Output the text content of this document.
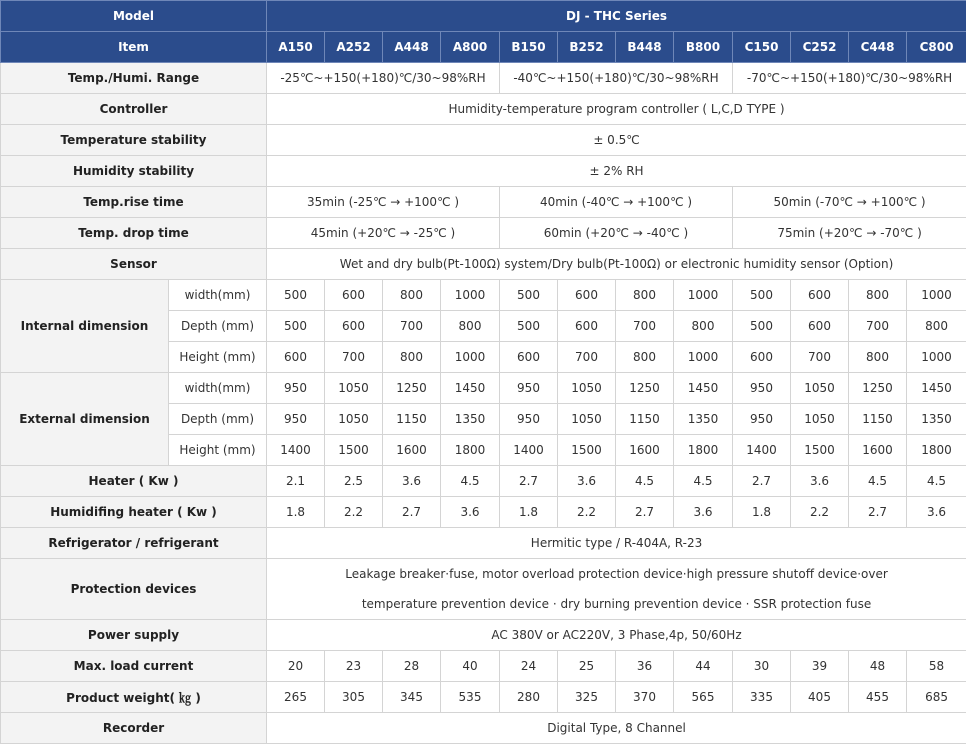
Model		DJ - THC Series											
Item		A150	A252	A448	A800	B150	B252	B448	B800	C150	C252	C448	C800
Temp./Humi. Range		-25℃~+150(+180)℃/30~98%RH				-40℃~+150(+180)℃/30~98%RH				-70℃~+150(+180)℃/30~98%RH			
Controller		Humidity-temperature program controller ( L,C,D TYPE )											
Temperature stability		± 0.5℃											
Humidity stability		± 2% RH											
Temp.rise time		35min (-25℃ → +100℃ )				40min (-40℃ → +100℃ )				50min (-70℃ → +100℃ )			
Temp. drop time		45min (+20℃ → -25℃ )				60min (+20℃ → -40℃ )				75min (+20℃ → -70℃ )			
Sensor		Wet and dry bulb(Pt-100Ω) system/Dry bulb(Pt-100Ω) or electronic humidity sensor (Option)											
Internal dimension	width(mm)	500	600	800	1000	500	600	800	1000	500	600	800	1000
	Depth (mm)	500	600	700	800	500	600	700	800	500	600	700	800
	Height (mm)	600	700	800	1000	600	700	800	1000	600	700	800	1000
External dimension	width(mm)	950	1050	1250	1450	950	1050	1250	1450	950	1050	1250	1450
	Depth (mm)	950	1050	1150	1350	950	1050	1150	1350	950	1050	1150	1350
	Height (mm)	1400	1500	1600	1800	1400	1500	1600	1800	1400	1500	1600	1800
Heater ( Kw )		2.1	2.5	3.6	4.5	2.7	3.6	4.5	4.5	2.7	3.6	4.5	4.5
Humidifing heater ( Kw )		1.8	2.2	2.7	3.6	1.8	2.2	2.7	3.6	1.8	2.2	2.7	3.6
Refrigerator / refrigerant		Hermitic type / R-404A, R-23											
Protection devices		Leakage breaker·fuse, motor overload protection device·high pressure shutoff device·over
temperature prevention device · dry burning prevention device · SSR protection fuse											

Power supply		AC 380V or AC220V, 3 Phase,4p, 50/60Hz											
Max. load current		20	23	28	40	24	25	36	44	30	39	48	58
Product weight( ㎏ )		265	305	345	535	280	325	370	565	335	405	455	685
Recorder		Digital Type, 8 Channel											
